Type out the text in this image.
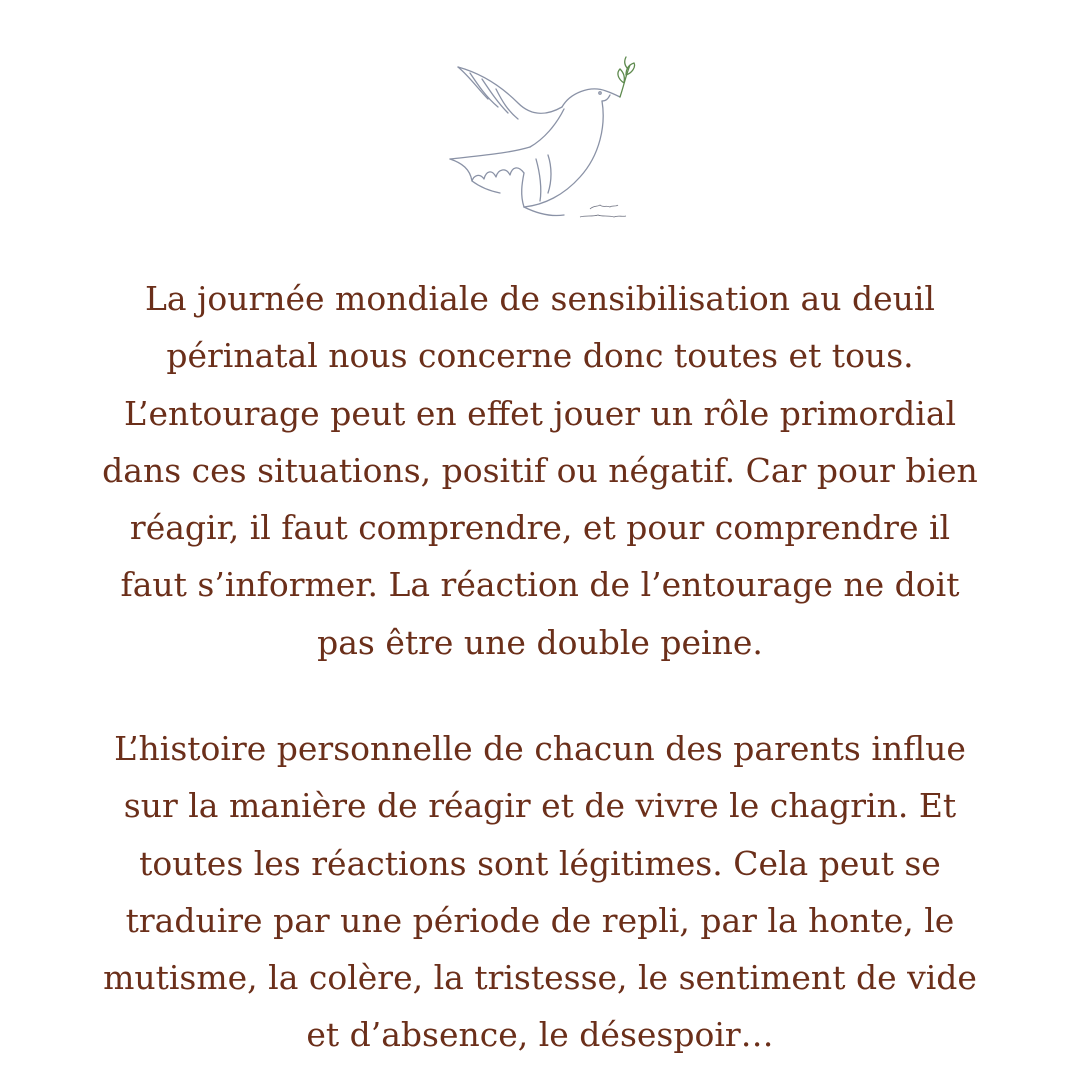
La journée mondiale de sensibilisation au deuil
périnatal nous concerne donc toutes et tous.
L’entourage peut en effet jouer un rôle primordial
dans ces situations, positif ou négatif. Car pour bien
réagir, il faut comprendre, et pour comprendre il
faut s’informer. La réaction de l’entourage ne doit
pas être une double peine.
L’histoire personnelle de chacun des parents influe
sur la manière de réagir et de vivre le chagrin. Et
toutes les réactions sont légitimes. Cela peut se
traduire par une période de repli, par la honte, le
mutisme, la colère, la tristesse, le sentiment de vide
et d’absence, le désespoir…
